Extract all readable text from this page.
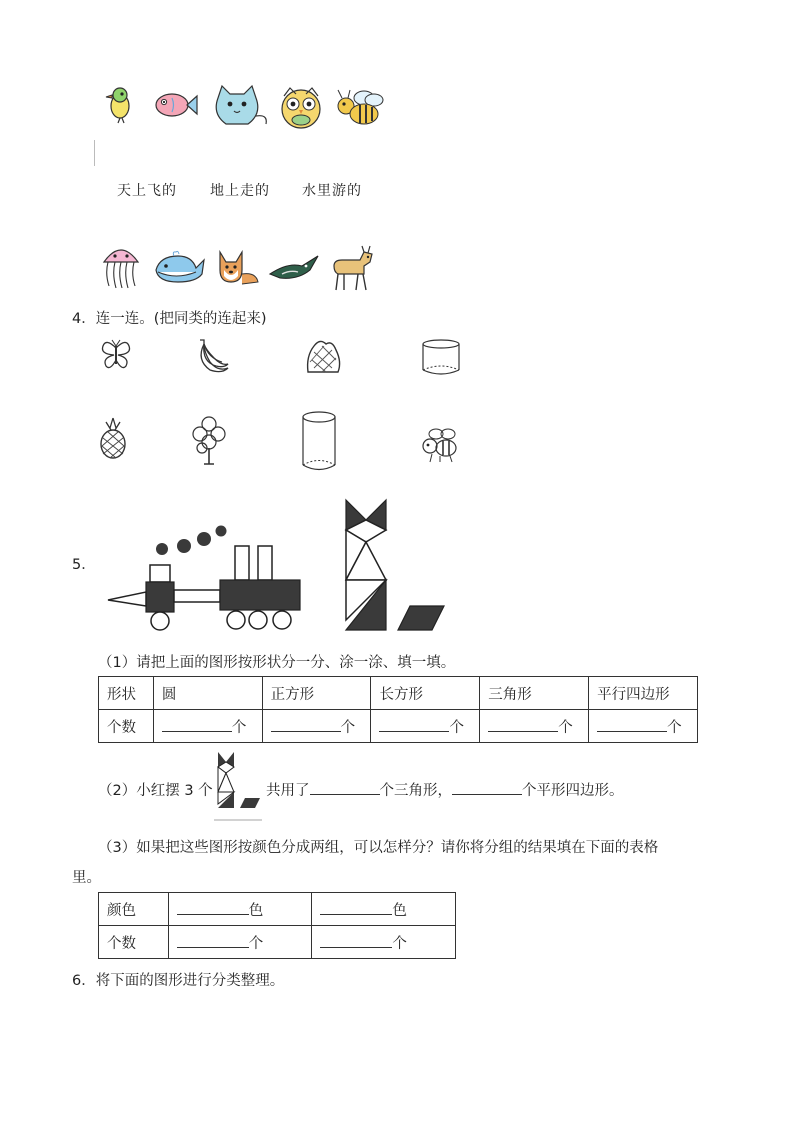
天上飞的 地上走的 水里游的
4．连一连。(把同类的连起来)
5．
（1）请把上面的图形按形状分一分、涂一涂、填一填。
形状	圆	正方形	长方形	三角形	平行四边形
个数	个	个	个	个	个
（2）小红摆 3 个	共用了	个三角形，	个平形四边形。
（3）如果把这些图形按颜色分成两组，可以怎样分？请你将分组的结果填在下面的表格
里。
颜色	色	色
个数	个	个
6．将下面的图形进行分类整理。
